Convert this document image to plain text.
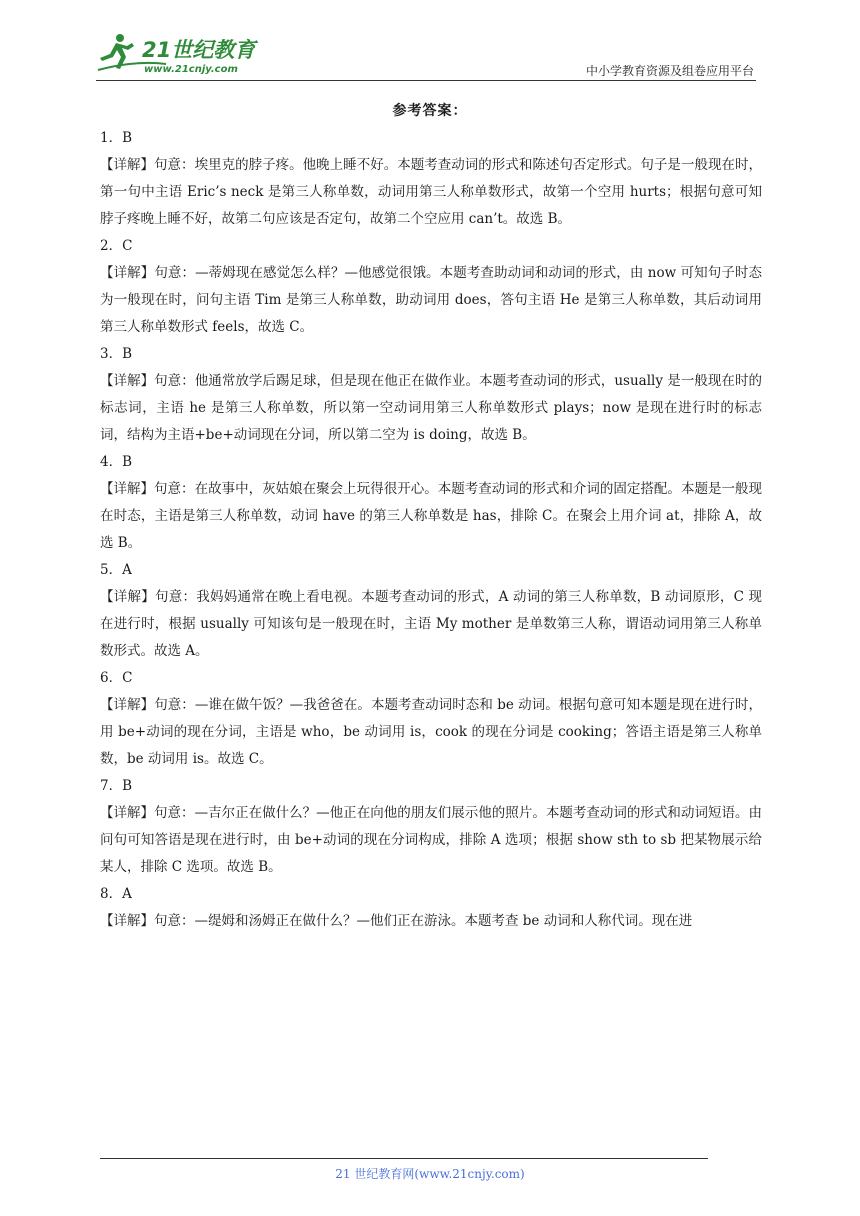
21世纪教育
www.21cnjy.com	中小学教育资源及组卷应用平台
参考答案：
1．B
【详解】句意：埃里克的脖子疼。他晚上睡不好。本题考查动词的形式和陈述句否定形式。句子是一般现在时，第一句中主语 Eric’s neck 是第三人称单数，动词用第三人称单数形式，故第一个空用 hurts；根据句意可知脖子疼晚上睡不好，故第二句应该是否定句，故第二个空应用 can’t。故选 B。
2．C
【详解】句意：—蒂姆现在感觉怎么样？—他感觉很饿。本题考查助动词和动词的形式，由 now 可知句子时态为一般现在时，问句主语 Tim 是第三人称单数，助动词用 does，答句主语 He 是第三人称单数，其后动词用第三人称单数形式 feels，故选 C。
3．B
【详解】句意：他通常放学后踢足球，但是现在他正在做作业。本题考查动词的形式，usually 是一般现在时的标志词，主语 he 是第三人称单数，所以第一空动词用第三人称单数形式 plays；now 是现在进行时的标志词，结构为主语+be+动词现在分词，所以第二空为 is doing，故选 B。
4．B
【详解】句意：在故事中，灰姑娘在聚会上玩得很开心。本题考查动词的形式和介词的固定搭配。本题是一般现在时态，主语是第三人称单数，动词 have 的第三人称单数是 has，排除 C。在聚会上用介词 at，排除 A，故选 B。
5．A
【详解】句意：我妈妈通常在晚上看电视。本题考查动词的形式，A 动词的第三人称单数，B 动词原形，C 现在进行时，根据 usually 可知该句是一般现在时，主语 My mother 是单数第三人称，谓语动词用第三人称单数形式。故选 A。
6．C
【详解】句意：—谁在做午饭？—我爸爸在。本题考查动词时态和 be 动词。根据句意可知本题是现在进行时，用 be+动词的现在分词，主语是 who，be 动词用 is，cook 的现在分词是 cooking；答语主语是第三人称单数，be 动词用 is。故选 C。
7．B
【详解】句意：—吉尔正在做什么？—他正在向他的朋友们展示他的照片。本题考查动词的形式和动词短语。由问句可知答语是现在进行时，由 be+动词的现在分词构成，排除 A 选项；根据 show sth to sb 把某物展示给某人，排除 C 选项。故选 B。
8．A
【详解】句意：—缇姆和汤姆正在做什么？—他们正在游泳。本题考查 be 动词和人称代词。现在进
21 世纪教育网(www.21cnjy.com)
